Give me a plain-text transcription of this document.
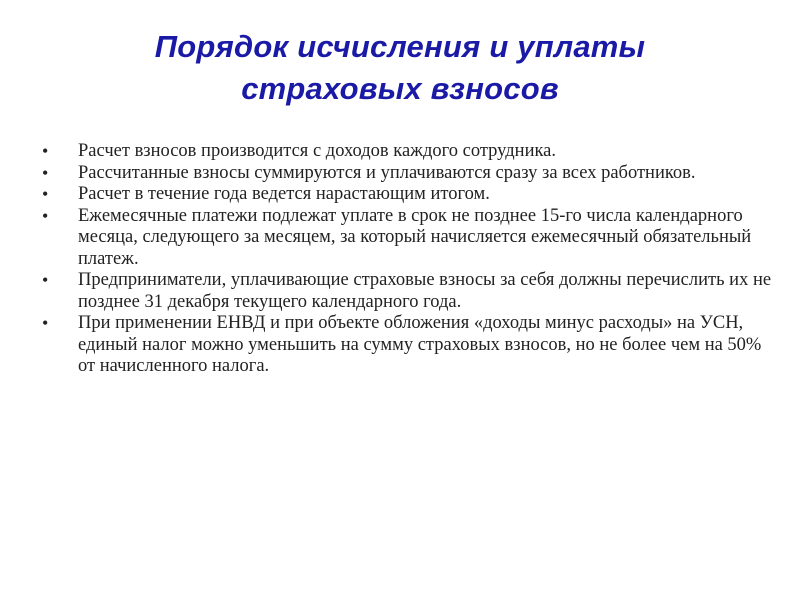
Порядок исчисления и уплаты
страховых взносов
• Расчет взносов производится с доходов каждого сотрудника.
• Рассчитанные взносы суммируются и уплачиваются сразу за всех работников.
• Расчет в течение года ведется нарастающим итогом.
• Ежемесячные платежи подлежат уплате в срок не позднее 15-го числа календарного месяца, следующего за месяцем, за который начисляется ежемесячный обязательный платеж.
• Предприниматели, уплачивающие страховые взносы за себя должны перечислить их не позднее 31 декабря текущего календарного года.
• При применении ЕНВД и при объекте обложения «доходы минус расходы» на УСН, единый налог можно уменьшить на сумму страховых взносов, но не более чем на 50% от начисленного налога.
